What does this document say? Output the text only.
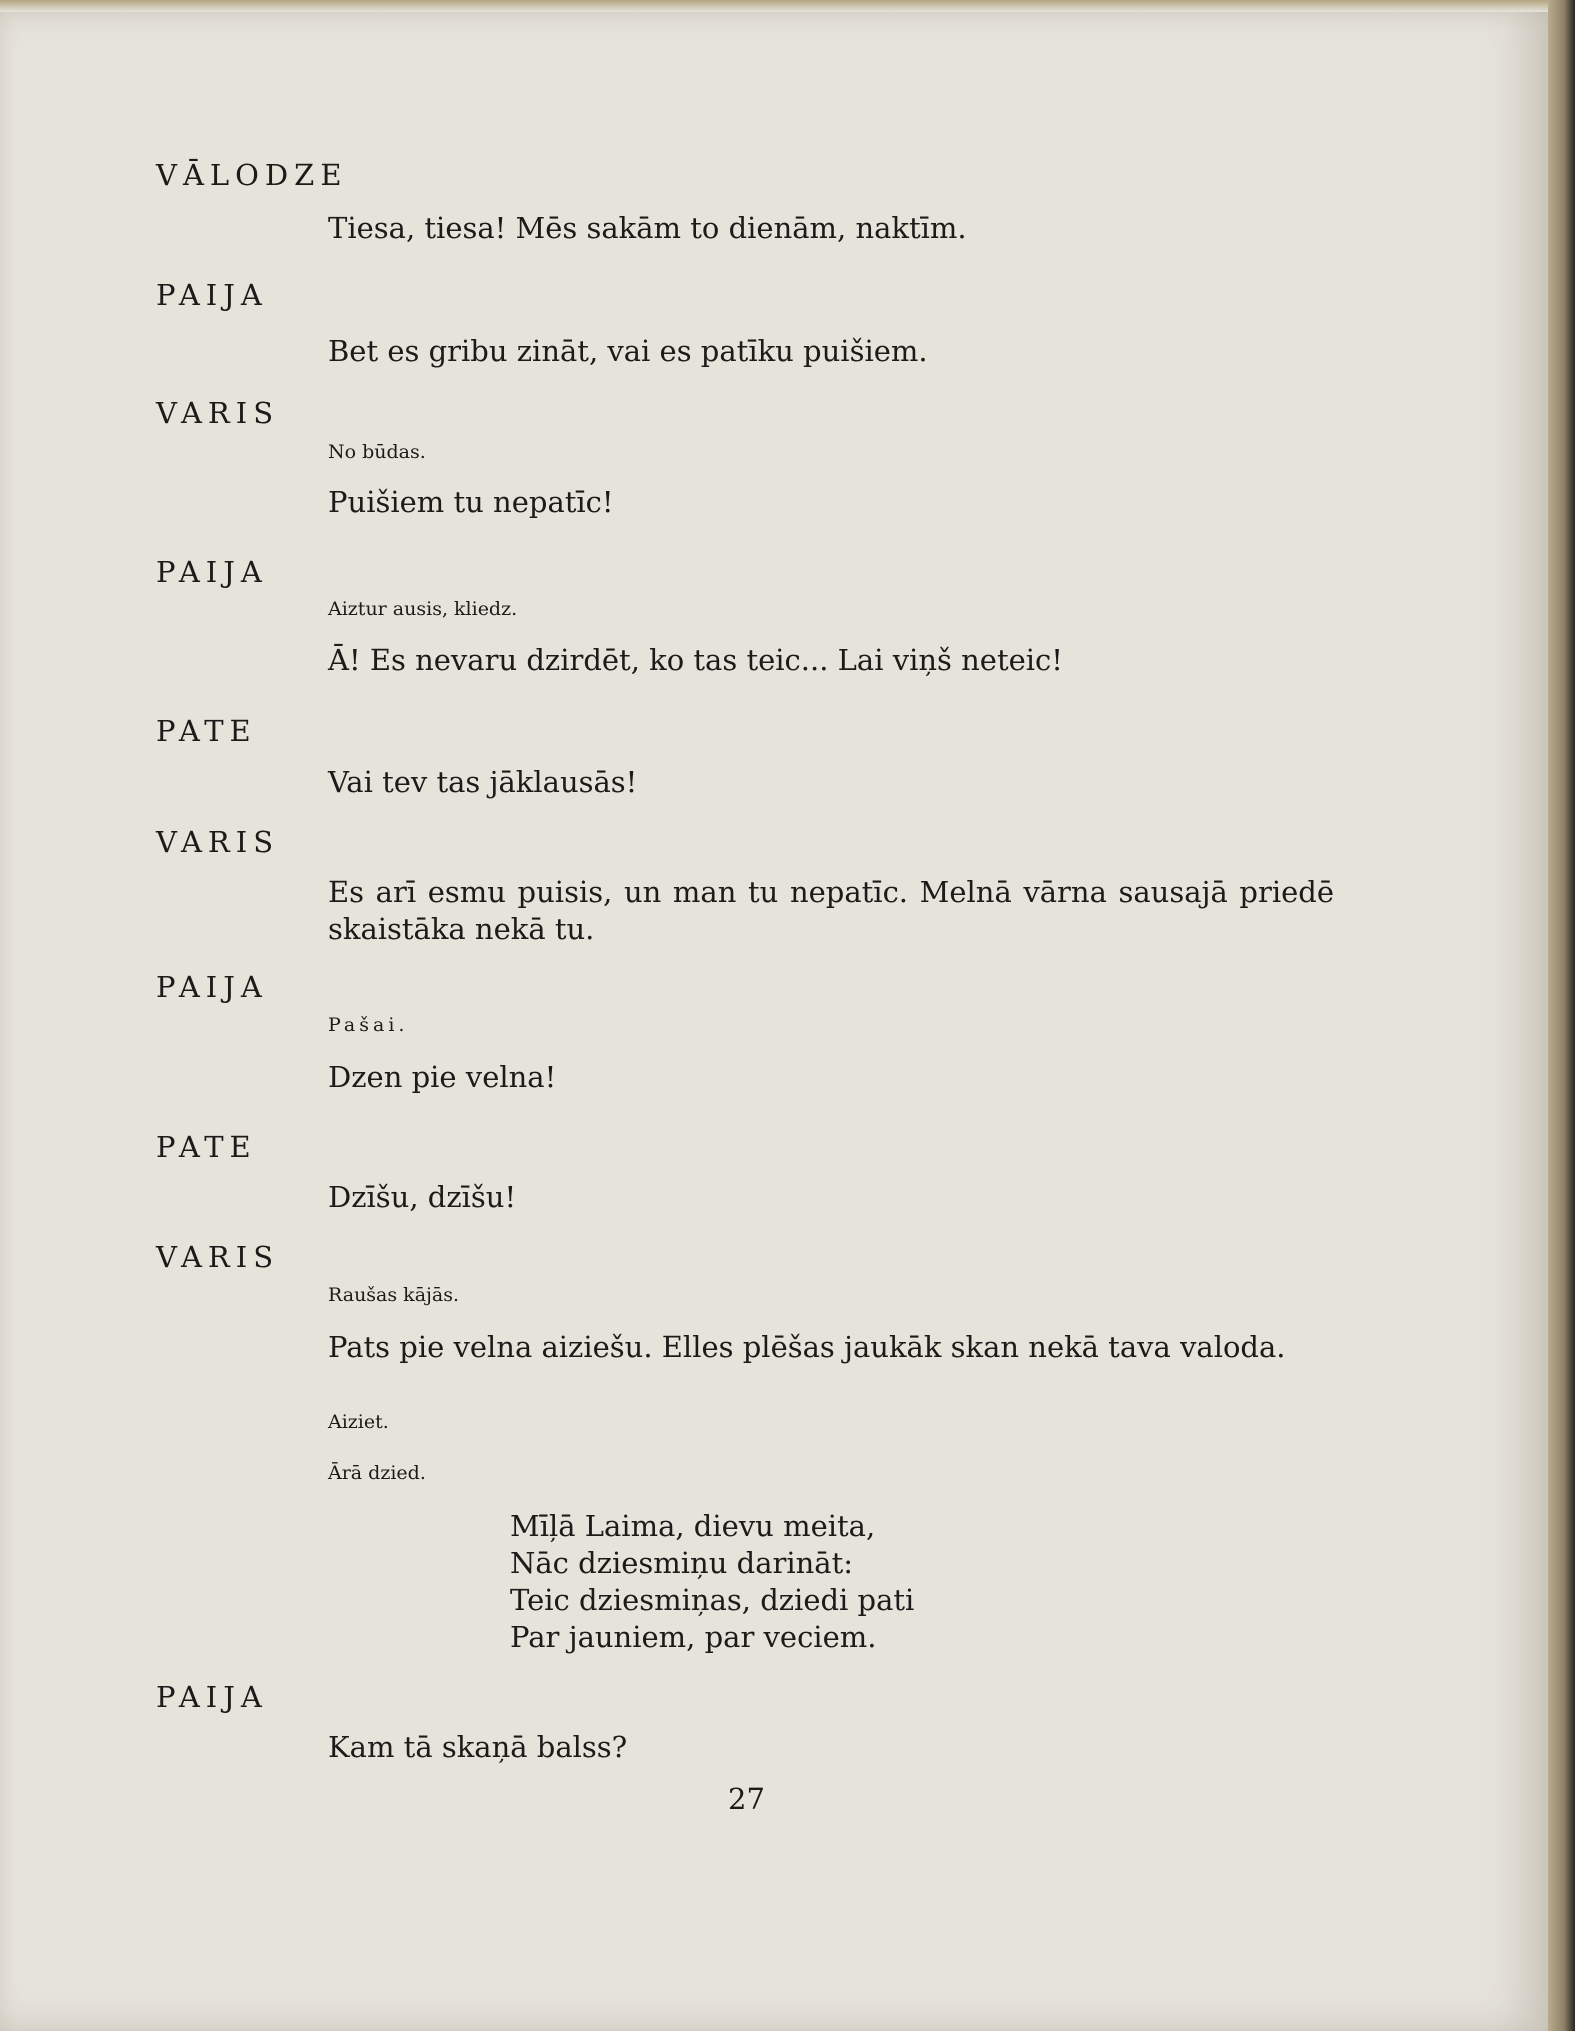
VĀLODZE
Tiesa, tiesa! Mēs sakām to dienām, naktīm.
PAIJA
Bet es gribu zināt, vai es patīku puišiem.
VARIS
No būdas.
Puišiem tu nepatīc!
PAIJA
Aiztur ausis, kliedz.
Ā! Es nevaru dzirdēt, ko tas teic... Lai viņš neteic!
PATE
Vai tev tas jāklausās!
VARIS
Es arī esmu puisis, un man tu nepatīc. Melnā vārna sausajā priedē skaistāka nekā tu.
PAIJA
Pašai.
Dzen pie velna!
PATE
Dzīšu, dzīšu!
VARIS
Raušas kājās.
Pats pie velna aiziešu. Elles plēšas jaukāk skan nekā tava valoda.
Aiziet.
Ārā dzied.
Mīļā Laima, dievu meita,
Nāc dziesmiņu darināt:
Teic dziesmiņas, dziedi pati
Par jauniem, par veciem.
PAIJA
Kam tā skaņā balss?
27
